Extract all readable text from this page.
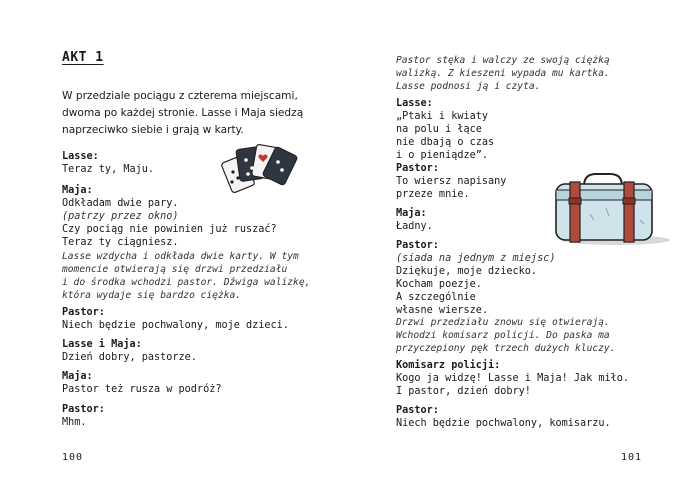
AKT 1
W przedziale pociągu z czterema miejscami, dwoma po każdej stronie. Lasse i Maja siedzą naprzeciwko siebie i grają w karty.
Lasse:
Teraz ty, Maju.
Maja:
Odkładam dwie pary.
(patrzy przez okno)
Czy pociąg nie powinien już ruszać?
Teraz ty ciągniesz.
Lasse wzdycha i odkłada dwie karty. W tym
momencie otwierają się drzwi przedziału
i do środka wchodzi pastor. Dźwiga walizkę,
która wydaje się bardzo ciężka.
Pastor:
Niech będzie pochwalony, moje dzieci.
Lasse i Maja:
Dzień dobry, pastorze.
Maja:
Pastor też rusza w podróż?
Pastor:
Mhm.
100
Pastor stęka i walczy ze swoją ciężką
walizką. Z kieszeni wypada mu kartka.
Lasse podnosi ją i czyta.
Lasse:
„Ptaki i kwiaty
na polu i łące
nie dbają o czas
i o pieniądze”.
Pastor:
To wiersz napisany
przeze mnie.
Maja:
Ładny.
Pastor:
(siada na jednym z miejsc)
Dziękuje, moje dziecko.
Kocham poezje.
A szczególnie
własne wiersze.
Drzwi przedziału znowu się otwierają.
Wchodzi komisarz policji. Do paska ma
przyczepiony pęk trzech dużych kluczy.
Komisarz policji:
Kogo ja widzę! Lasse i Maja! Jak miło.
I pastor, dzień dobry!
Pastor:
Niech będzie pochwalony, komisarzu.
101
